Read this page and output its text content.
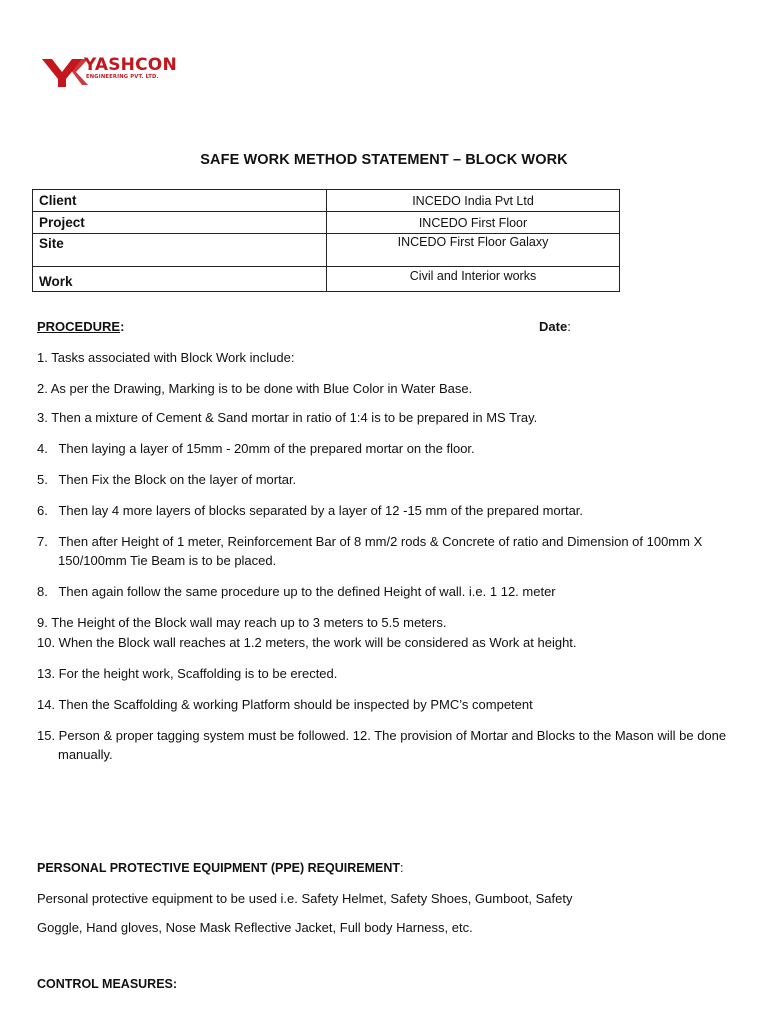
YASHCON
ENGINEERING PVT. LTD.
SAFE WORK METHOD STATEMENT – BLOCK WORK
Client	INCEDO India Pvt Ltd
Project	INCEDO First Floor
Site	INCEDO First Floor Galaxy
Work	Civil and Interior works
PROCEDURE:	Date:
1. Tasks associated with Block Work include:
2. As per the Drawing, Marking is to be done with Blue Color in Water Base.
3. Then a mixture of Cement & Sand mortar in ratio of 1:4 is to be prepared in MS Tray.
4.   Then laying a layer of 15mm - 20mm of the prepared mortar on the floor.
5.   Then Fix the Block on the layer of mortar.
6.   Then lay 4 more layers of blocks separated by a layer of 12 -15 mm of the prepared mortar.
7.   Then after Height of 1 meter, Reinforcement Bar of 8 mm/2 rods & Concrete of ratio and Dimension of 100mm X 150/100mm Tie Beam is to be placed.
8.   Then again follow the same procedure up to the defined Height of wall. i.e. 1 12. meter
9. The Height of the Block wall may reach up to 3 meters to 5.5 meters.
10. When the Block wall reaches at 1.2 meters, the work will be considered as Work at height.
13. For the height work, Scaffolding is to be erected.
14. Then the Scaffolding & working Platform should be inspected by PMC’s competent
15. Person & proper tagging system must be followed. 12. The provision of Mortar and Blocks to the Mason will be done manually.
PERSONAL PROTECTIVE EQUIPMENT (PPE) REQUIREMENT:
Personal protective equipment to be used i.e. Safety Helmet, Safety Shoes, Gumboot, Safety
Goggle, Hand gloves, Nose Mask Reflective Jacket, Full body Harness, etc.
CONTROL MEASURES:
